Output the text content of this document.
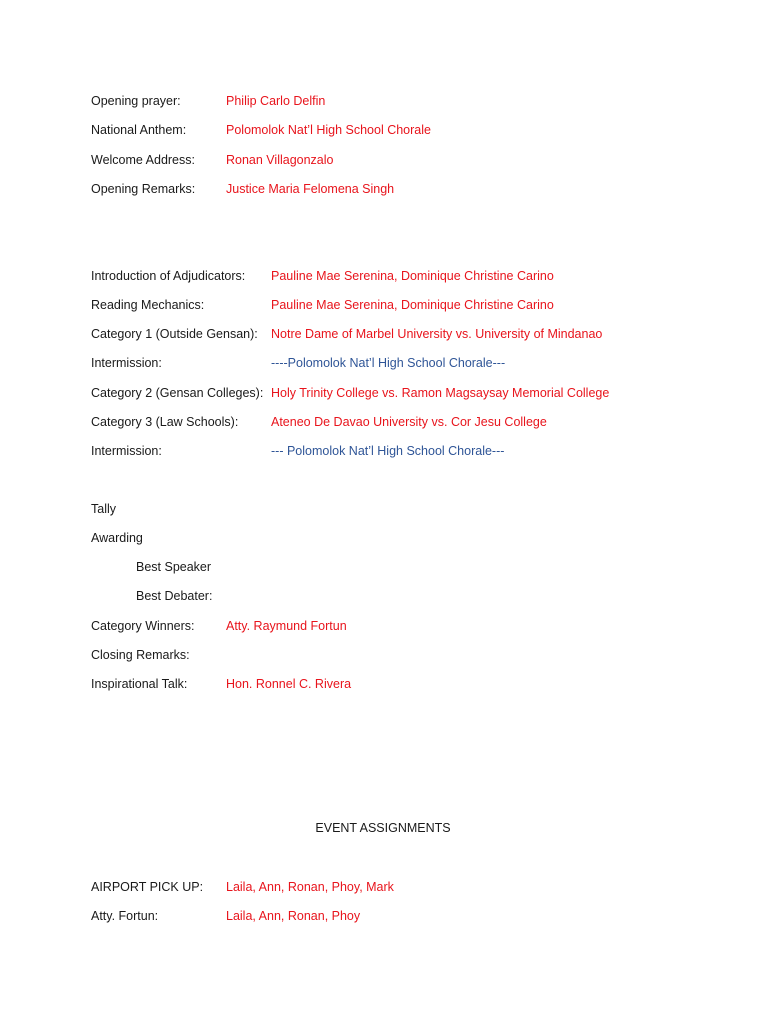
Opening prayer:	Philip Carlo Delfin
National Anthem:	Polomolok Nat’l High School Chorale
Welcome Address: Ronan Villagonzalo
Opening Remarks: Justice Maria Felomena Singh
Introduction of Adjudicators: Pauline Mae Serenina, Dominique Christine Carino
Reading Mechanics:	Pauline Mae Serenina, Dominique Christine Carino
Category 1 (Outside Gensan): Notre Dame of Marbel University vs. University of Mindanao
Intermission:	----Polomolok Nat’l High School Chorale---
Category 2 (Gensan Colleges): Holy Trinity College vs. Ramon Magsaysay Memorial College
Category 3 (Law Schools):	Ateneo De Davao University vs. Cor Jesu College
Intermission:	--- Polomolok Nat’l High School Chorale---
Tally
Awarding
Best Speaker
Best Debater:
Category Winners:	Atty. Raymund Fortun
Closing Remarks:
Inspirational Talk:	Hon. Ronnel C. Rivera
EVENT ASSIGNMENTS
AIRPORT PICK UP: Laila, Ann, Ronan, Phoy, Mark
Atty. Fortun:	Laila, Ann, Ronan, Phoy
